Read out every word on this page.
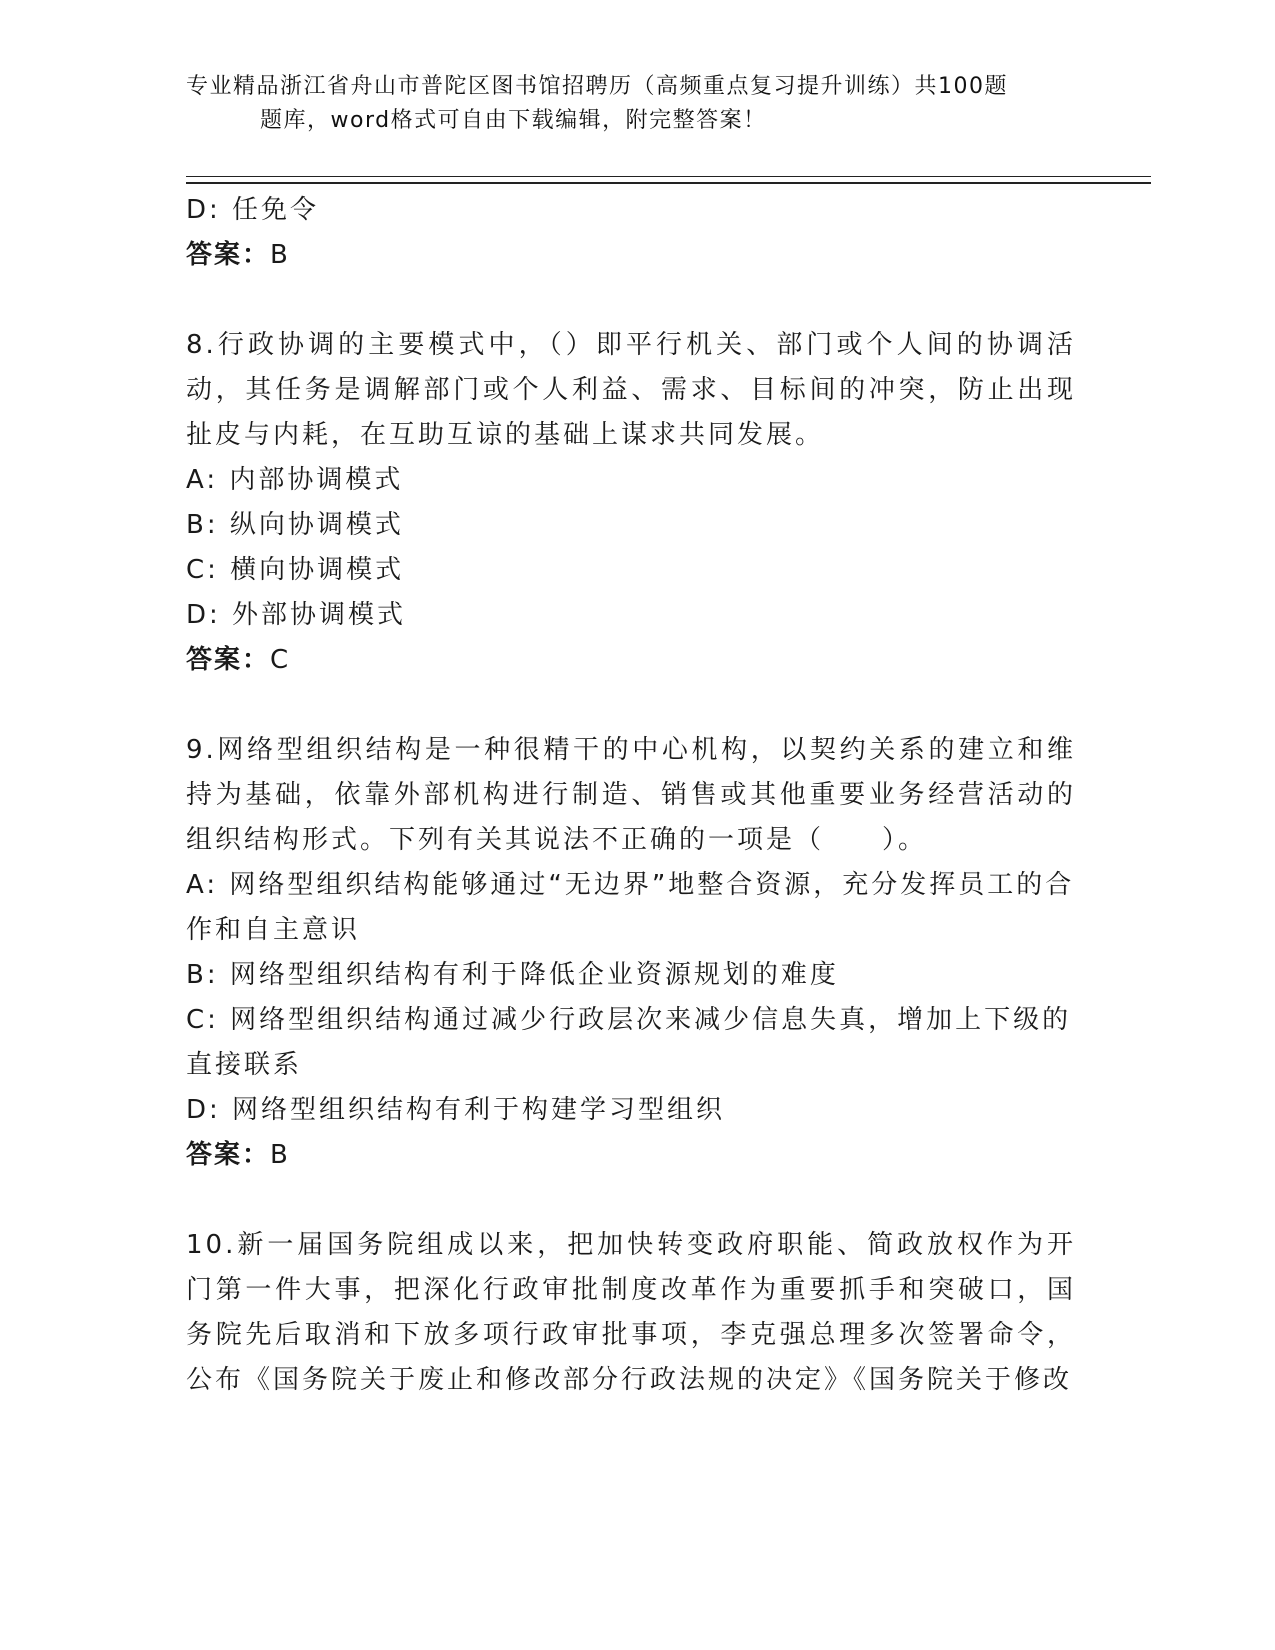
专业精品浙江省舟山市普陀区图书馆招聘历（高频重点复习提升训练）共100题
题库，word格式可自由下载编辑，附完整答案！

D: 任免令

答案：B

8.行政协调的主要模式中，（）即平行机关、部门或个人间的协调活动，其任务是调解部门或个人利益、需求、目标间的冲突，防止出现扯皮与内耗，在互助互谅的基础上谋求共同发展。

A: 内部协调模式

B: 纵向协调模式

C: 横向协调模式

D: 外部协调模式

答案：C

9.网络型组织结构是一种很精干的中心机构，以契约关系的建立和维持为基础，依靠外部机构进行制造、销售或其他重要业务经营活动的组织结构形式。下列有关其说法不正确的一项是（　　）。

A: 网络型组织结构能够通过“无边界”地整合资源，充分发挥员工的合作和自主意识

B: 网络型组织结构有利于降低企业资源规划的难度

C: 网络型组织结构通过减少行政层次来减少信息失真，增加上下级的直接联系

D: 网络型组织结构有利于构建学习型组织

答案：B

10.新一届国务院组成以来，把加快转变政府职能、简政放权作为开门第一件大事，把深化行政审批制度改革作为重要抓手和突破口，国务院先后取消和下放多项行政审批事项，李克强总理多次签署命令，公布《国务院关于废止和修改部分行政法规的决定》《国务院关于修改
